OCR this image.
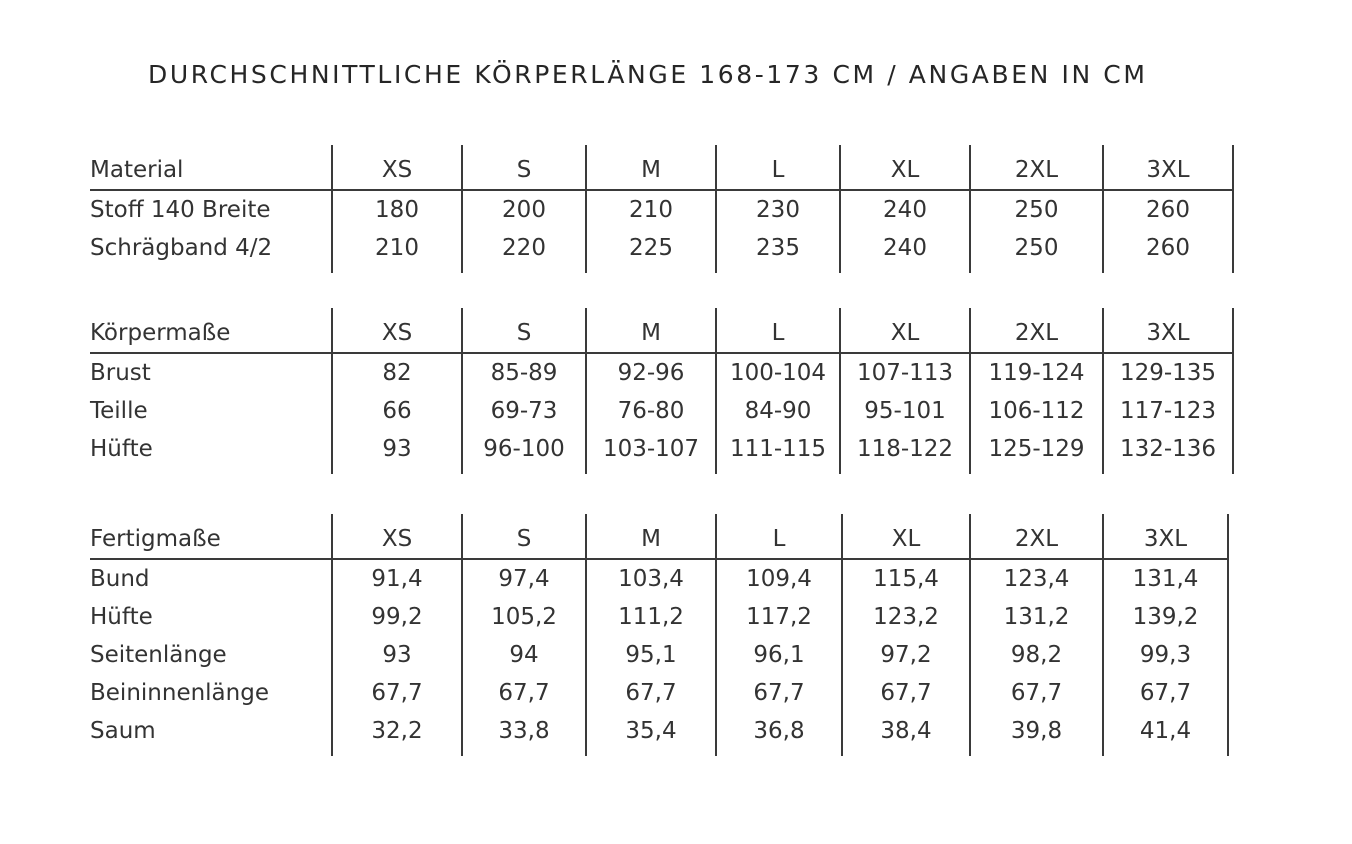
DURCHSCHNITTLICHE KÖRPERLÄNGE 168-173 CM / ANGABEN IN CM

Material	XS	S	M	L	XL	2XL	3XL
Stoff 140 Breite	180	200	210	230	240	250	260
Schrägband 4/2	210	220	225	235	240	250	260

Körpermaße	XS	S	M	L	XL	2XL	3XL
Brust	82	85-89	92-96	100-104	107-113	119-124	129-135
Teille	66	69-73	76-80	84-90	95-101	106-112	117-123
Hüfte	93	96-100	103-107	111-115	118-122	125-129	132-136

Fertigmaße	XS	S	M	L	XL	2XL	3XL
Bund	91,4	97,4	103,4	109,4	115,4	123,4	131,4
Hüfte	99,2	105,2	111,2	117,2	123,2	131,2	139,2
Seitenlänge	93	94	95,1	96,1	97,2	98,2	99,3
Beininnenlänge	67,7	67,7	67,7	67,7	67,7	67,7	67,7
Saum	32,2	33,8	35,4	36,8	38,4	39,8	41,4
